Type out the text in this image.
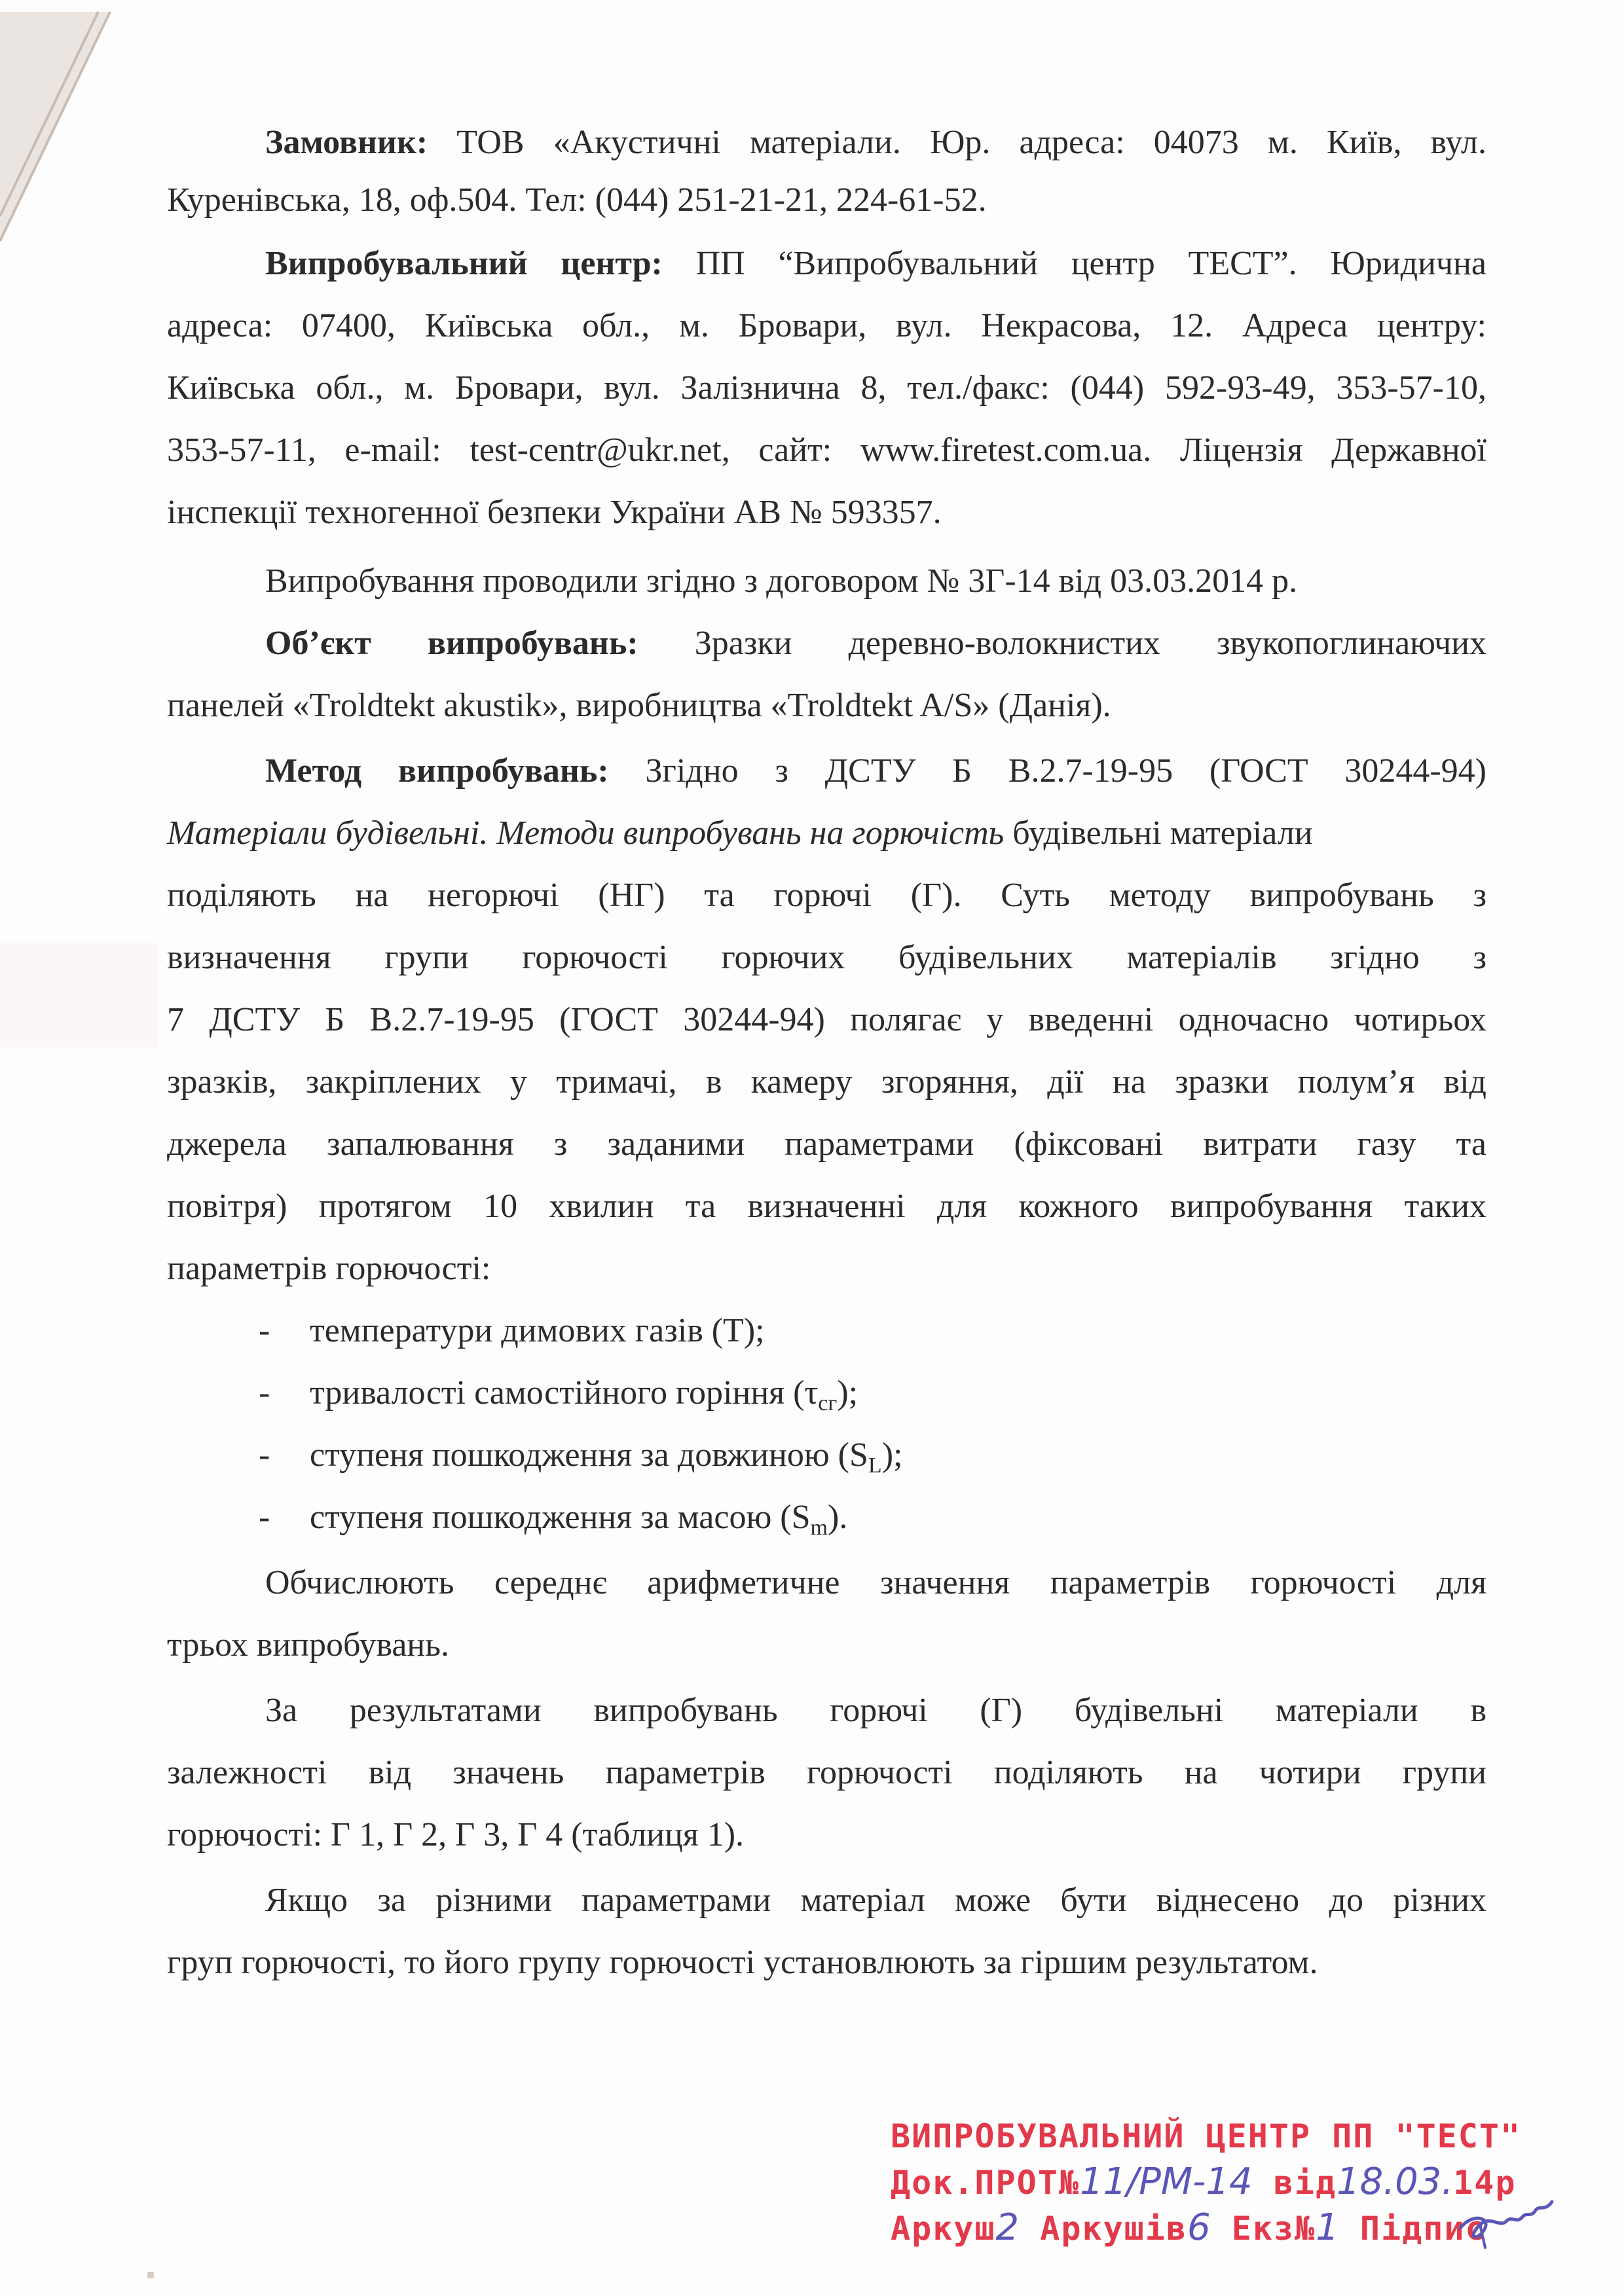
Замовник: ТОВ «Акустичні матеріали. Юр. адреса: 04073 м. Київ, вул.
Куренівська, 18, оф.504. Тел: (044) 251-21-21, 224-61-52.
Випробувальний центр: ПП “Випробувальний центр ТЕСТ”. Юридична
адреса: 07400, Київська обл., м. Бровари, вул. Некрасова, 12. Адреса центру:
Київська обл., м. Бровари, вул. Залізнична 8, тел./факс: (044) 592-93-49, 353-57-10,
353-57-11, e-mail: test-centr@ukr.net, сайт: www.firetest.com.ua. Ліцензія Державної
інспекції техногенної безпеки України АВ № 593357.
Випробування проводили згідно з договором № 3Г-14 від 03.03.2014 р.
Об’єкт випробувань: Зразки деревно-волокнистих звукопоглинаючих
панелей «Troldtekt akustik», виробництва «Troldtekt A/S» (Данія).
Метод випробувань: Згідно з ДСТУ Б В.2.7-19-95 (ГОСТ 30244-94)
Матеріали будівельні. Методи випробувань на горючість будівельні матеріали
поділяють на негорючі (НГ) та горючі (Г). Суть методу випробувань з
визначення групи горючості горючих будівельних матеріалів згідно з
7 ДСТУ Б В.2.7-19-95 (ГОСТ 30244-94) полягає у введенні одночасно чотирьох
зразків, закріплених у тримачі, в камеру згоряння, дії на зразки полум’я від
джерела запалювання з заданими параметрами (фіксовані витрати газу та
повітря) протягом 10 хвилин та визначенні для кожного випробування таких
параметрів горючості:
- температури димових газів (Т);
- тривалості самостійного горіння $(\tau_{сг})$;
- ступеня пошкодження за довжиною $(S_L)$;
- ступеня пошкодження за масою $(S_m)$.
Обчислюють середнє арифметичне значення параметрів горючості для
трьох випробувань.
За результатами випробувань горючі (Г) будівельні матеріали в
залежності від значень параметрів горючості поділяють на чотири групи
горючості: Г 1, Г 2, Г 3, Г 4 (таблиця 1).
Якщо за різними параметрами матеріал може бути віднесено до різних
груп горючості, то його групу горючості установлюють за гіршим результатом.
ВИПРОБУВАЛЬНИЙ ЦЕНТР ПП "ТЕСТ"
Док.ПРОТ№11/РМ-14 від18.03.14р
Аркуш2 Аркушів6 Екз№1 Підпис
